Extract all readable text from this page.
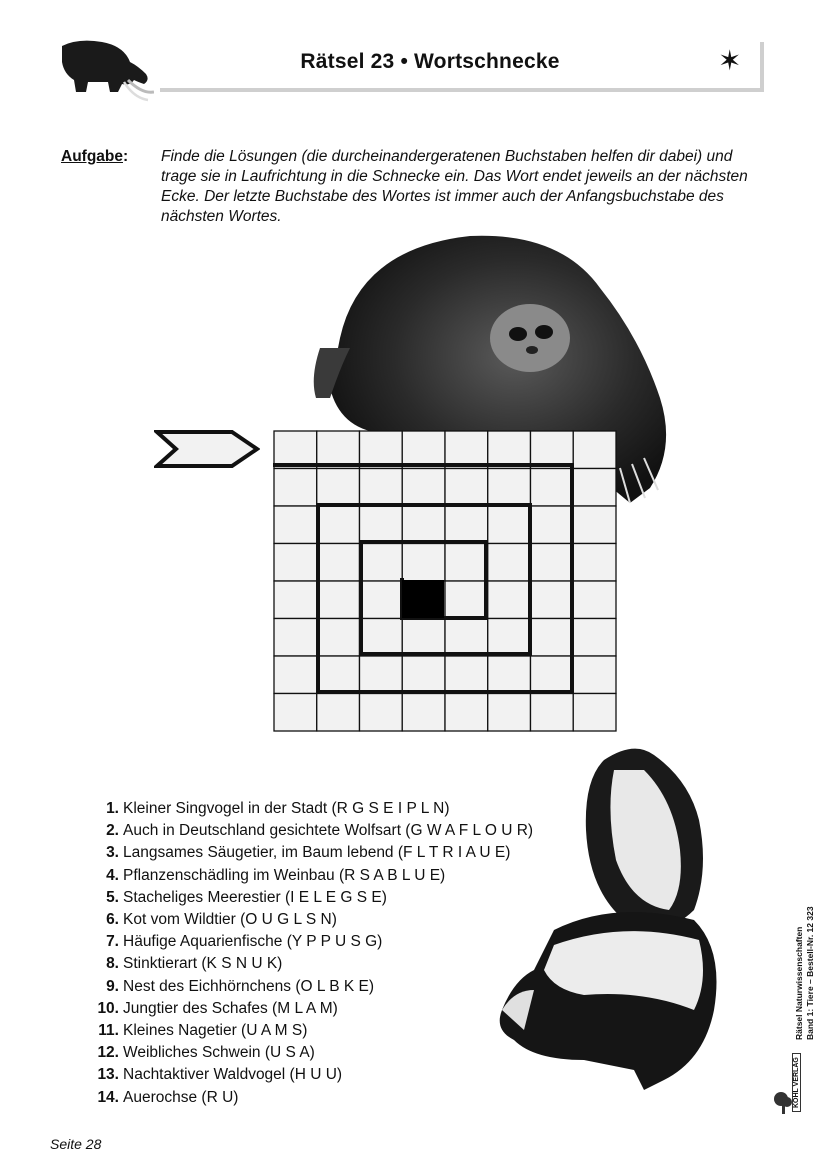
Rätsel 23 • Wortschnecke	✶
Aufgabe: Finde die Lösungen (die durcheinandergeratenen Buchstaben helfen dir dabei) und trage sie in Laufrichtung in die Schnecke ein. Das Wort endet jeweils an der nächsten Ecke. Der letzte Buchstabe des Wortes ist immer auch der Anfangsbuchstabe des nächsten Wortes.
1. Kleiner Singvogel in der Stadt (R G S E I P L N)
2. Auch in Deutschland gesichtete Wolfsart (G W A F L O U R)
3. Langsames Säugetier, im Baum lebend (F L T R I A U E)
4. Pflanzenschädling im Weinbau (R S A B L U E)
5. Stacheliges Meerestier (I E L E G S E)
6. Kot vom Wildtier (O U G L S N)
7. Häufige Aquarienfische (Y P P U S G)
8. Stinktierart (K S N U K)
9. Nest des Eichhörnchens (O L B K E)
10. Jungtier des Schafes (M L A M)
11. Kleines Nagetier (U A M S)
12. Weibliches Schwein (U S A)
13. Nachtaktiver Waldvogel (H U U)
14. Auerochse (R U)
Rätsel Naturwissenschaften Band 1: Tiere – Bestell-Nr. 12 323
KOHL VERLAG
Seite 28
